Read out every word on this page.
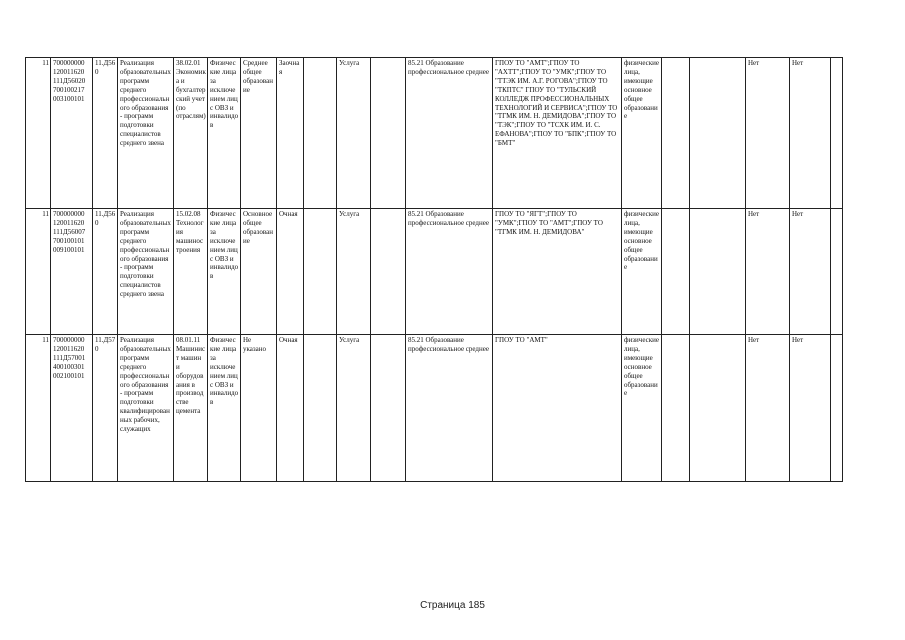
11	700000000 120011620 111Д56020 700100217 003100101	11.Д56 0	Реализация образовательных программ среднего профессионального образования - программ подготовки специалистов среднего звена	38.02.01 Экономика и бухгалтерский учет (по отраслям)	Физические лица за исключением лиц с ОВЗ и инвалидов	Среднее общее образование	Заочная		Услуга		85.21 Образование профессиональное среднее	ГПОУ ТО "АМТ";ГПОУ ТО "АХТТ";ГПОУ ТО "УМК";ГПОУ ТО "ТТЭК ИМ. А.Г. РОГОВА";ГПОУ ТО "ТКПТС" ГПОУ ТО "ТУЛЬСКИЙ КОЛЛЕДЖ ПРОФЕССИОНАЛЬНЫХ ТЕХНОЛОГИЙ И СЕРВИСА";ГПОУ ТО "ТГМК ИМ. Н. ДЕМИДОВА";ГПОУ ТО "ТЭК";ГПОУ ТО "ТСХК ИМ. И. С. ЕФАНОВА";ГПОУ ТО "БПК";ГПОУ ТО "БМТ"	физические лица, имеющие основное общее образование			Нет	Нет	
11	700000000 120011620 111Д56007 700100101 009100101	11.Д56 0	Реализация образовательных программ среднего профессионального образования - программ подготовки специалистов среднего звена	15.02.08 Технология машиностроения	Физические лица за исключением лиц с ОВЗ и инвалидов	Основное общее образование	Очная		Услуга		85.21 Образование профессиональное среднее	ГПОУ ТО "ЯГТ";ГПОУ ТО "УМК";ГПОУ ТО "АМТ";ГПОУ ТО "ТГМК ИМ. Н. ДЕМИДОВА"	физические лица, имеющие основное общее образование			Нет	Нет	
11	700000000 120011620 111Д57001 400100301 002100101	11.Д57 0	Реализация образовательных программ среднего профессионального образования - программ подготовки квалифицированных рабочих, служащих	08.01.11 Машинист машин и оборудования в производстве цемента	Физические лица за исключением лиц с ОВЗ и инвалидов	Не указано	Очная		Услуга		85.21 Образование профессиональное среднее	ГПОУ ТО "АМТ"	физические лица, имеющие основное общее образование			Нет	Нет	
Страница 185
